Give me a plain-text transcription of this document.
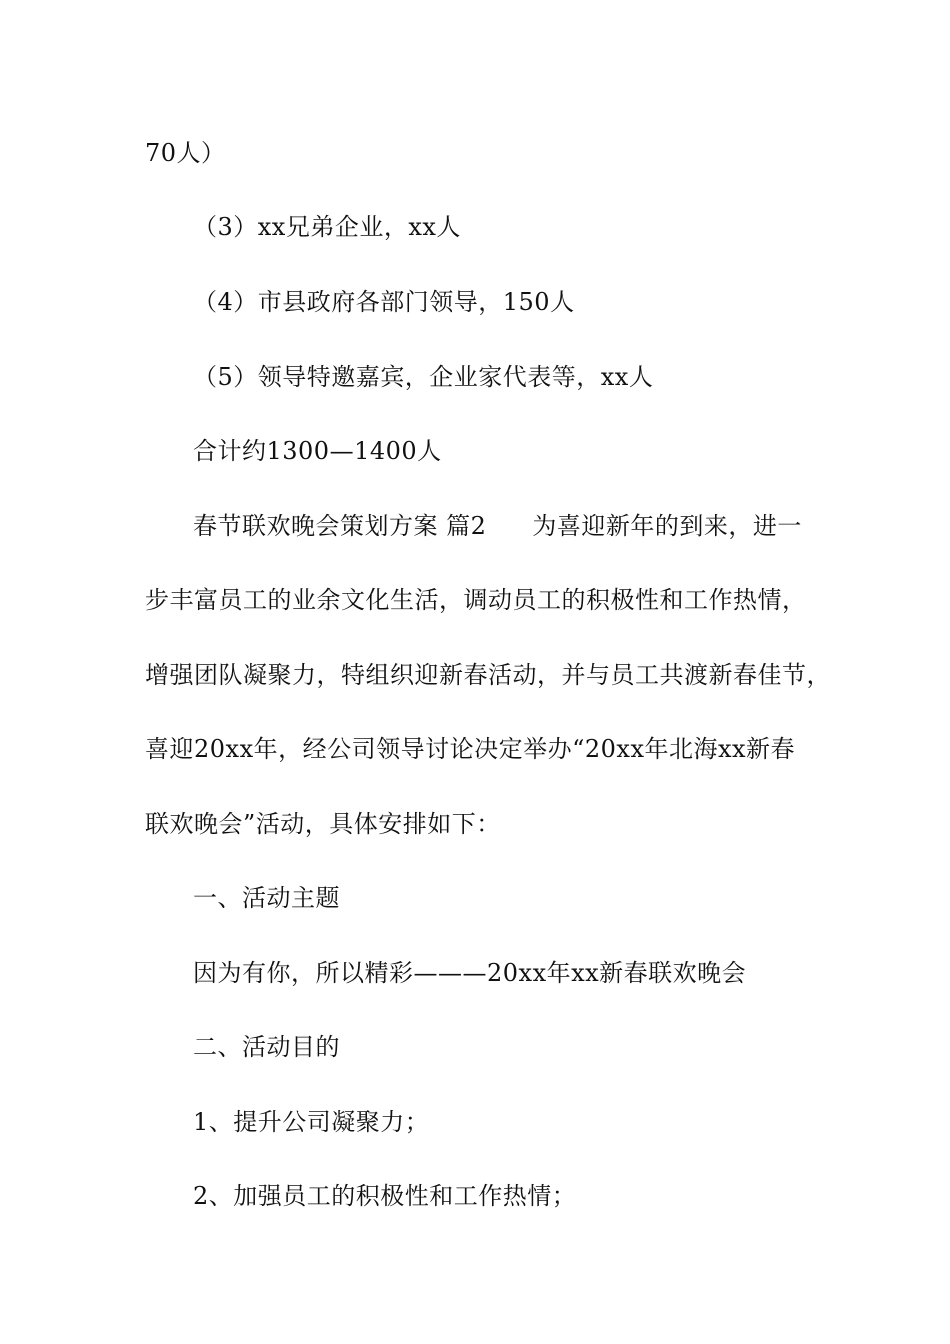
70人）
（3）xx兄弟企业，xx人
（4）市县政府各部门领导，150人
（5）领导特邀嘉宾，企业家代表等，xx人
合计约1300—1400人
春节联欢晚会策划方案 篇2 为喜迎新年的到来，进一
步丰富员工的业余文化生活，调动员工的积极性和工作热情，
增强团队凝聚力，特组织迎新春活动，并与员工共渡新春佳节，
喜迎20xx年，经公司领导讨论决定举办“20xx年北海xx新春
联欢晚会”活动，具体安排如下：
一、活动主题
因为有你，所以精彩———20xx年xx新春联欢晚会
二、活动目的
1、提升公司凝聚力；
2、加强员工的积极性和工作热情；
